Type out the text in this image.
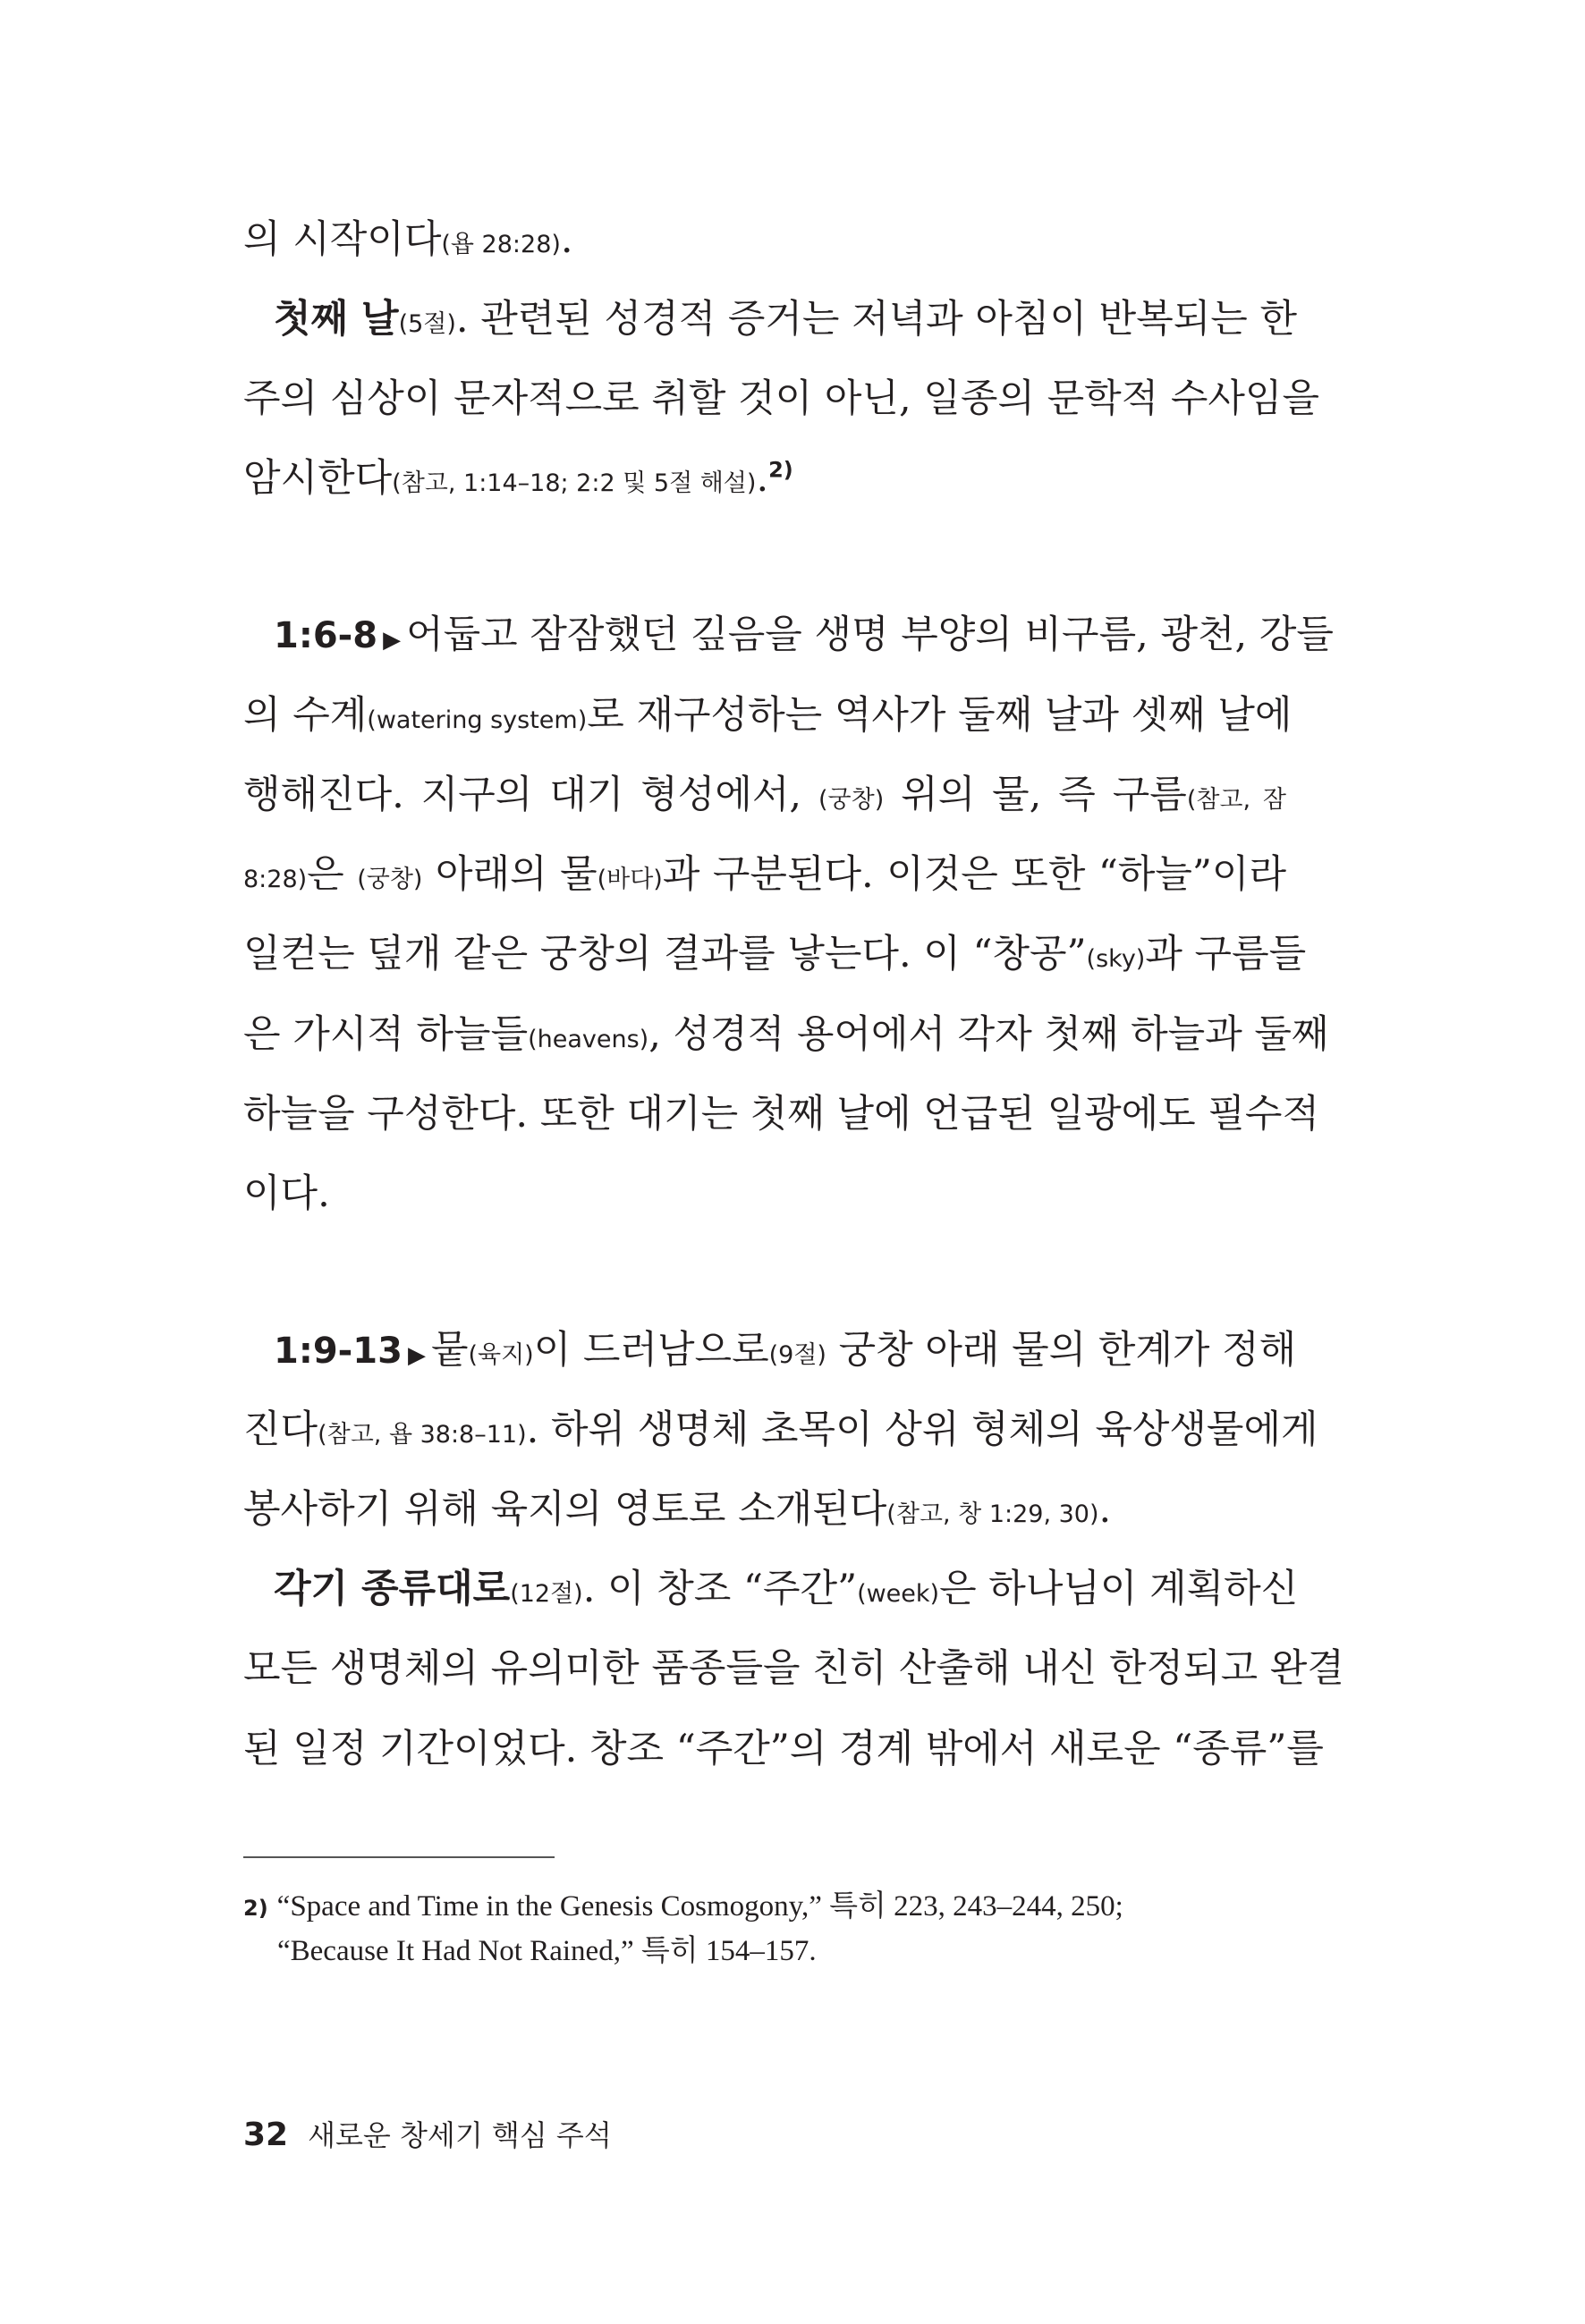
의 시작이다(욥 28:28).
첫째 날(5절). 관련된 성경적 증거는 저녁과 아침이 반복되는 한
주의 심상이 문자적으로 취할 것이 아닌, 일종의 문학적 수사임을
암시한다(참고, 1:14–18; 2:2 및 5절 해설).$^{2)}$
1:6-8 ▶ 어둡고 잠잠했던 깊음을 생명 부양의 비구름, 광천, 강들
의 수계(watering system)로 재구성하는 역사가 둘째 날과 셋째 날에
행해진다. 지구의 대기 형성에서, (궁창) 위의 물, 즉 구름(참고, 잠
8:28)은 (궁창) 아래의 물(바다)과 구분된다. 이것은 또한 “하늘”이라
일컫는 덮개 같은 궁창의 결과를 낳는다. 이 “창공”(sky)과 구름들
은 가시적 하늘들(heavens), 성경적 용어에서 각자 첫째 하늘과 둘째
하늘을 구성한다. 또한 대기는 첫째 날에 언급된 일광에도 필수적
이다.
1:9-13 ▶ 뭍(육지)이 드러남으로(9절) 궁창 아래 물의 한계가 정해
진다(참고, 욥 38:8–11). 하위 생명체 초목이 상위 형체의 육상생물에게
봉사하기 위해 육지의 영토로 소개된다(참고, 창 1:29, 30).
각기 종류대로(12절). 이 창조 “주간”(week)은 하나님이 계획하신
모든 생명체의 유의미한 품종들을 친히 산출해 내신 한정되고 완결
된 일정 기간이었다. 창조 “주간”의 경계 밖에서 새로운 “종류”를
2) “Space and Time in the Genesis Cosmogony,” 특히 223, 243–244, 250;
“Because It Had Not Rained,” 특히 154–157.
32 새로운 창세기 핵심 주석
